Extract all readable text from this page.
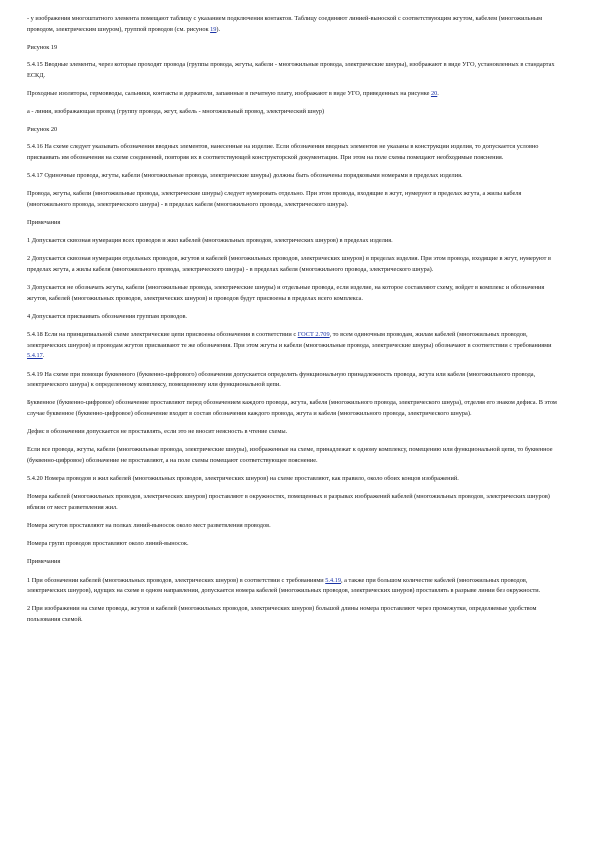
- у изображения многоштатного элемента помещают таблицу с указанием подключения контактов. Таблицу соединяют линией-выноской с соответствующим жгутом, кабелем (многожильным проводом, электрическим шнуром), группой проводов (см. рисунок 19).

Рисунок 19

5.4.15 Вводные элементы, через которые проходят провода (группы провода, жгуты, кабели - многожильные провода, электрические шнуры), изображают в виде УГО, установленных в стандартах ЕСКД.

Проходные изоляторы, гермовводы, сальники, контакты и держатели, запаянные в печатную плату, изображают в виде УГО, приведенных на рисунке 20.

а - линия, изображающая провод (группу провода, жгут, кабель - многожильный провод, электрический шнур)

Рисунок 20

5.4.16 На схеме следует указывать обозначения вводных элементов, нанесенные на изделие. Если обозначения вводных элементов не указаны в конструкции изделия, то допускается условно присваивать им обозначения на схеме соединений, повторяя их в соответствующей конструкторской документации. При этом на поле схемы помещают необходимые пояснения.

5.4.17 Одиночные провода, жгуты, кабели (многожильные провода, электрические шнуры) должны быть обозначены порядковыми номерами в пределах изделия.

Провода, жгуты, кабели (многожильные провода, электрические шнуры) следует нумеровать отдельно. При этом провода, входящие в жгут, нумеруют в пределах жгута, а жилы кабеля (многожильного провода, электрического шнура) - в пределах кабеля (многожильного провода, электрического шнура).

Примечания

1 Допускается сквозная нумерация всех проводов и жил кабелей (многожильных проводов, электрических шнуров) в пределах изделия.

2 Допускается сквозная нумерация отдельных проводов, жгутов и кабелей (многожильных проводов, электрических шнуров) в пределах изделия. При этом провода, входящие в жгут, нумеруют в пределах жгута, а жилы кабеля (многожильного провода, электрического шнура) - в пределах кабеля (многожильного провода, электрического шнура).

3 Допускается не обозначать жгуты, кабели (многожильные провода, электрические шнуры) и отдельные провода, если изделие, на которое составляют схему, войдет в комплекс и обозначения жгутов, кабелей (многожильных проводов, электрических шнуров) и проводов будут присвоены в пределах всего комплекса.

4 Допускается присваивать обозначения группам проводов.

5.4.18 Если на принципиальной схеме электрические цепи присвоены обозначения в соответствии с ГОСТ 2.709, то всем одиночным проводам, жилам кабелей (многожильных проводов, электрических шнуров) и проводам жгутов присваивают те же обозначения. При этом жгуты и кабели (многожильные провода, электрические шнуры) обозначают в соответствии с требованиями 5.4.17.

5.4.19 На схеме при помощи буквенного (буквенно-цифрового) обозначения допускается определять функциональную принадлежность провода, жгута или кабеля (многожильного провода, электрического шнура) к определенному комплексу, помещенному или функциональной цепи.

Буквенное (буквенно-цифровое) обозначение проставляют перед обозначением каждого провода, жгута, кабеля (многожильного провода, электрического шнура), отделяя его знаком дефиса. В этом случае буквенное (буквенно-цифровое) обозначение входит в состав обозначения каждого провода, жгута и кабеля (многожильного провода, электрического шнура).

Дефис в обозначении допускается не проставлять, если это не вносит неясность в чтение схемы.

Если все провода, жгуты, кабели (многожильные провода, электрические шнуры), изображенные на схеме, принадлежат к одному комплексу, помещению или функциональной цепи, то буквенное (буквенно-цифровое) обозначение не проставляют, а на поле схемы помещают соответствующее пояснение.

5.4.20 Номера проводов и жил кабелей (многожильных проводов, электрических шнуров) на схеме проставляют, как правило, около обоих концов изображений.

Номера кабелей (многожильных проводов, электрических шнуров) проставляют в окружностях, помещенных в разрывах изображений кабелей (многожильных проводов, электрических шнуров) вблизи от мест разветвления жил.

Номера жгутов проставляют на полках линий-выносок около мест разветвления проводов.

Номера групп проводов проставляют около линий-выносок.

Примечания

1 При обозначении кабелей (многожильных проводов, электрических шнуров) в соответствии с требованиями 5.4.19, а также при большом количестве кабелей (многожильных проводов, электрических шнуров), идущих на схеме в одном направлении, допускается номера кабелей (многожильных проводов, электрических шнуров) проставлять в разрыве линии без окружности.

2 При изображении на схеме провода, жгутов и кабелей (многожильных проводов, электрических шнуров) большой длины номера проставляют через промежутки, определяемые удобством пользования схемой.
